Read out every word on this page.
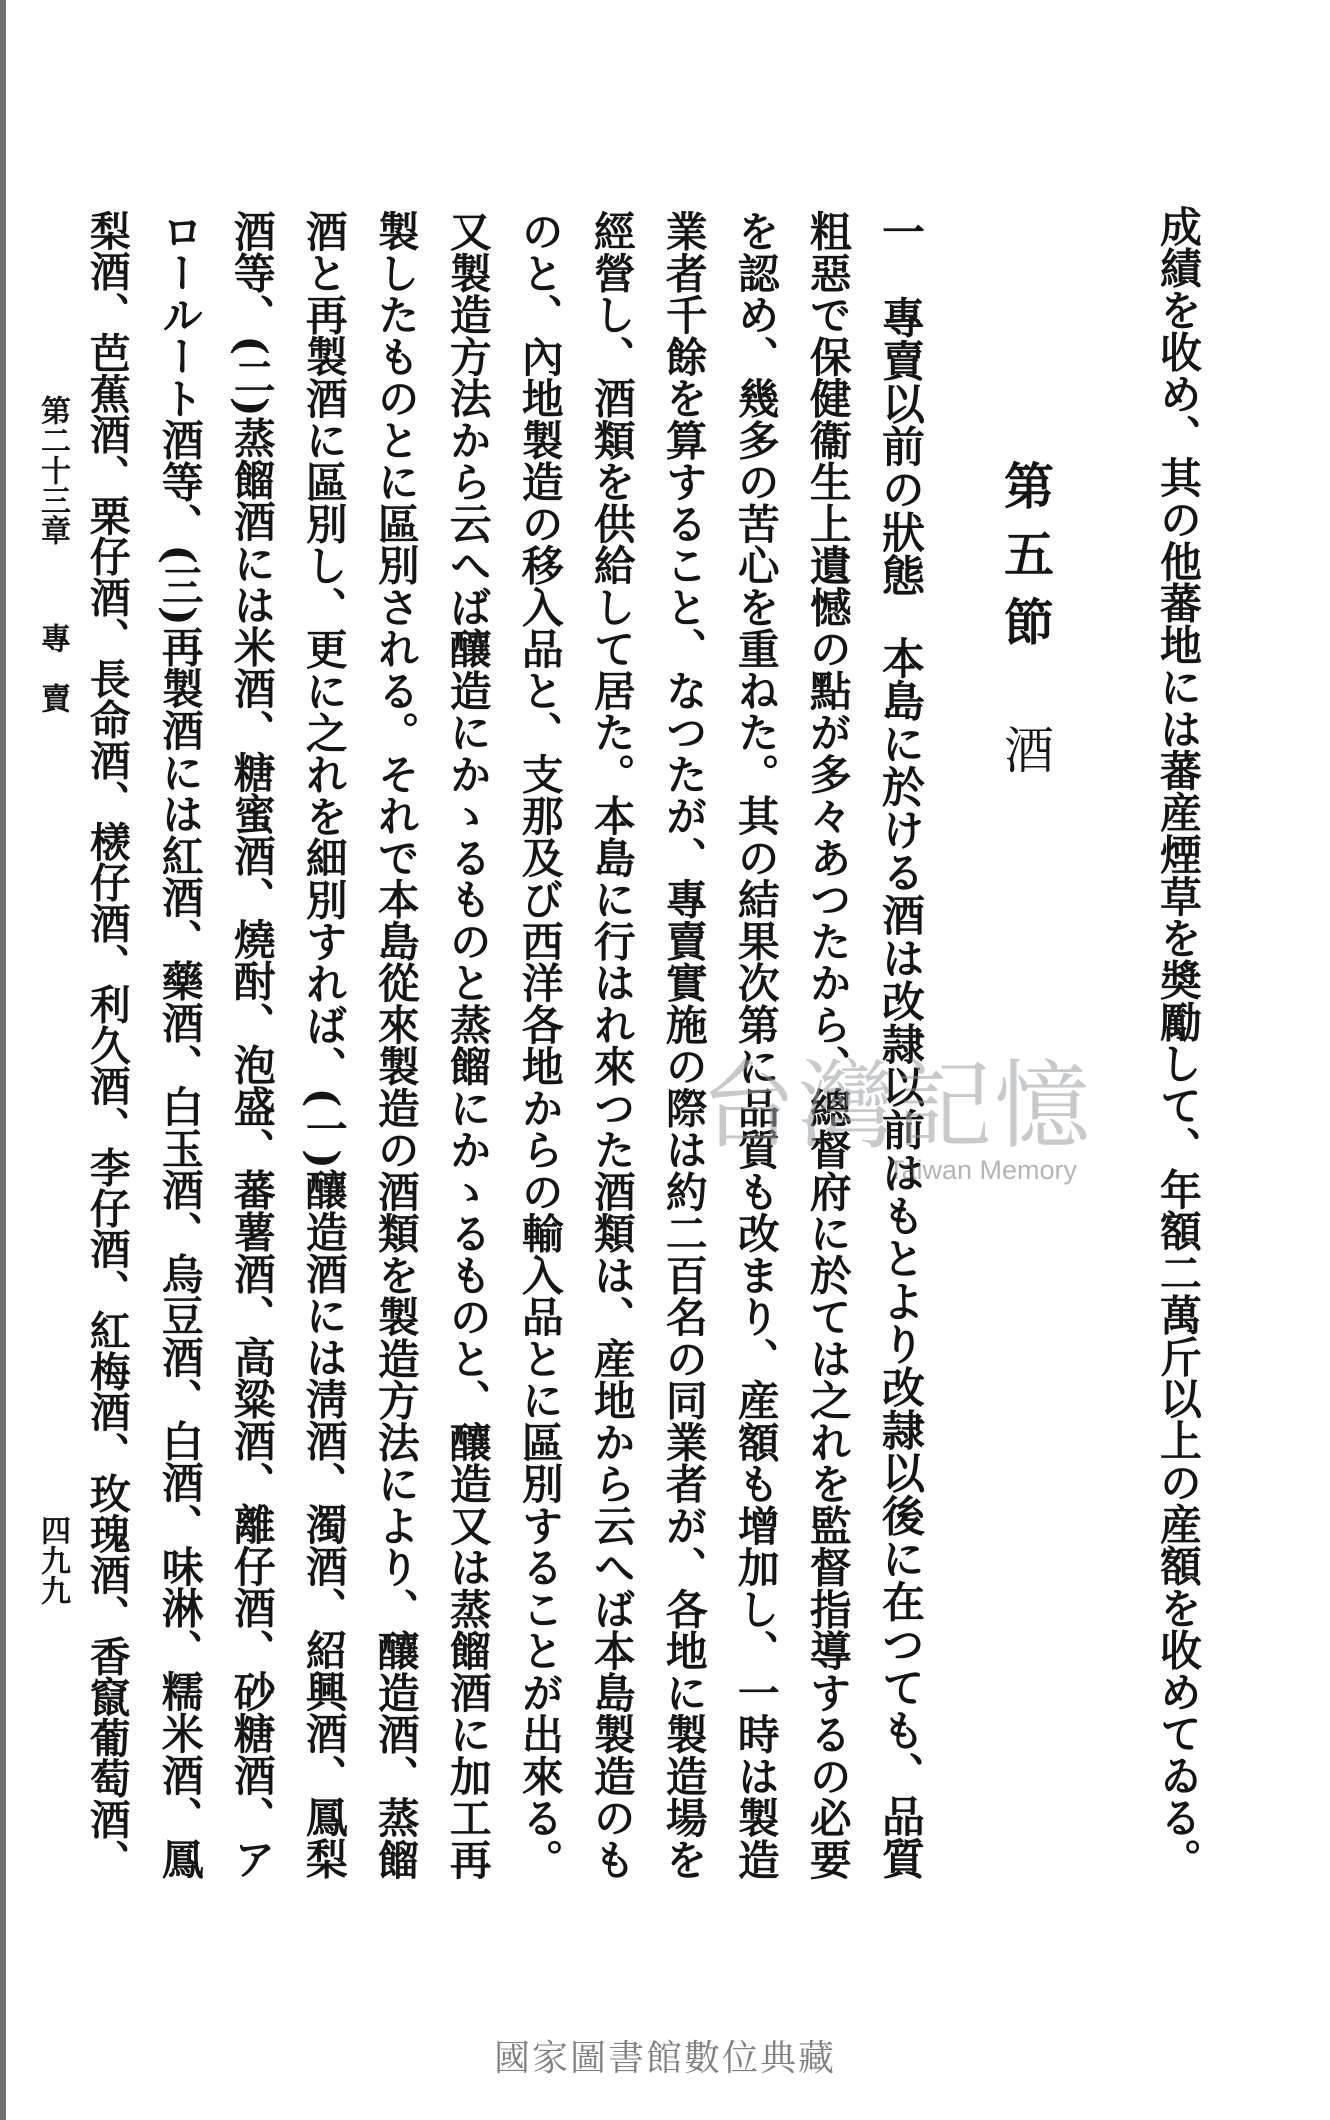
成績を收め、其の他蕃地には蕃産煙草を奬勵して、年額二萬斤以上の産額を收めてゐる。
第五節酒
一　專賣以前の狀態本島に於ける酒は改隷以前はもとより改隷以後に在つても、品質
粗惡で保健衞生上遺憾の點が多々あつたから、總督府に於ては之れを監督指導するの必要
を認め、幾多の苦心を重ねた。其の結果次第に品質も改まり、産額も增加し、一時は製造
業者千餘を算すること、なつたが、專賣實施の際は約二百名の同業者が、各地に製造場を
經營し、酒類を供給して居た。本島に行はれ來つた酒類は、産地から云へば本島製造のも
のと、內地製造の移入品と、支那及び西洋各地からの輸入品とに區別することが出來る。
又製造方法から云へば釀造にかゝるものと蒸餾にかゝるものと、釀造又は蒸餾酒に加工再
製したものとに區別される。それで本島從來製造の酒類を製造方法により、釀造酒、蒸餾
酒と再製酒に區別し、更に之れを細別すれば、(一)釀造酒には淸酒、濁酒、紹興酒、鳳梨
酒等、(二)蒸餾酒には米酒、糖蜜酒、燒酎、泡盛、蕃薯酒、高粱酒、離仔酒、砂糖酒、ア
第二十三章專　賣
四九九
台灣記憶
Taiwan Memory
國家圖書館數位典藏
ロールート酒等、(三)再製酒には紅酒、藥酒、白玉酒、烏豆酒、白酒、味淋、糯米酒、鳳
梨酒、芭蕉酒、栗仔酒、長命酒、檨仔酒、利久酒、李仔酒、紅梅酒、玫瑰酒、香竄葡萄酒、
